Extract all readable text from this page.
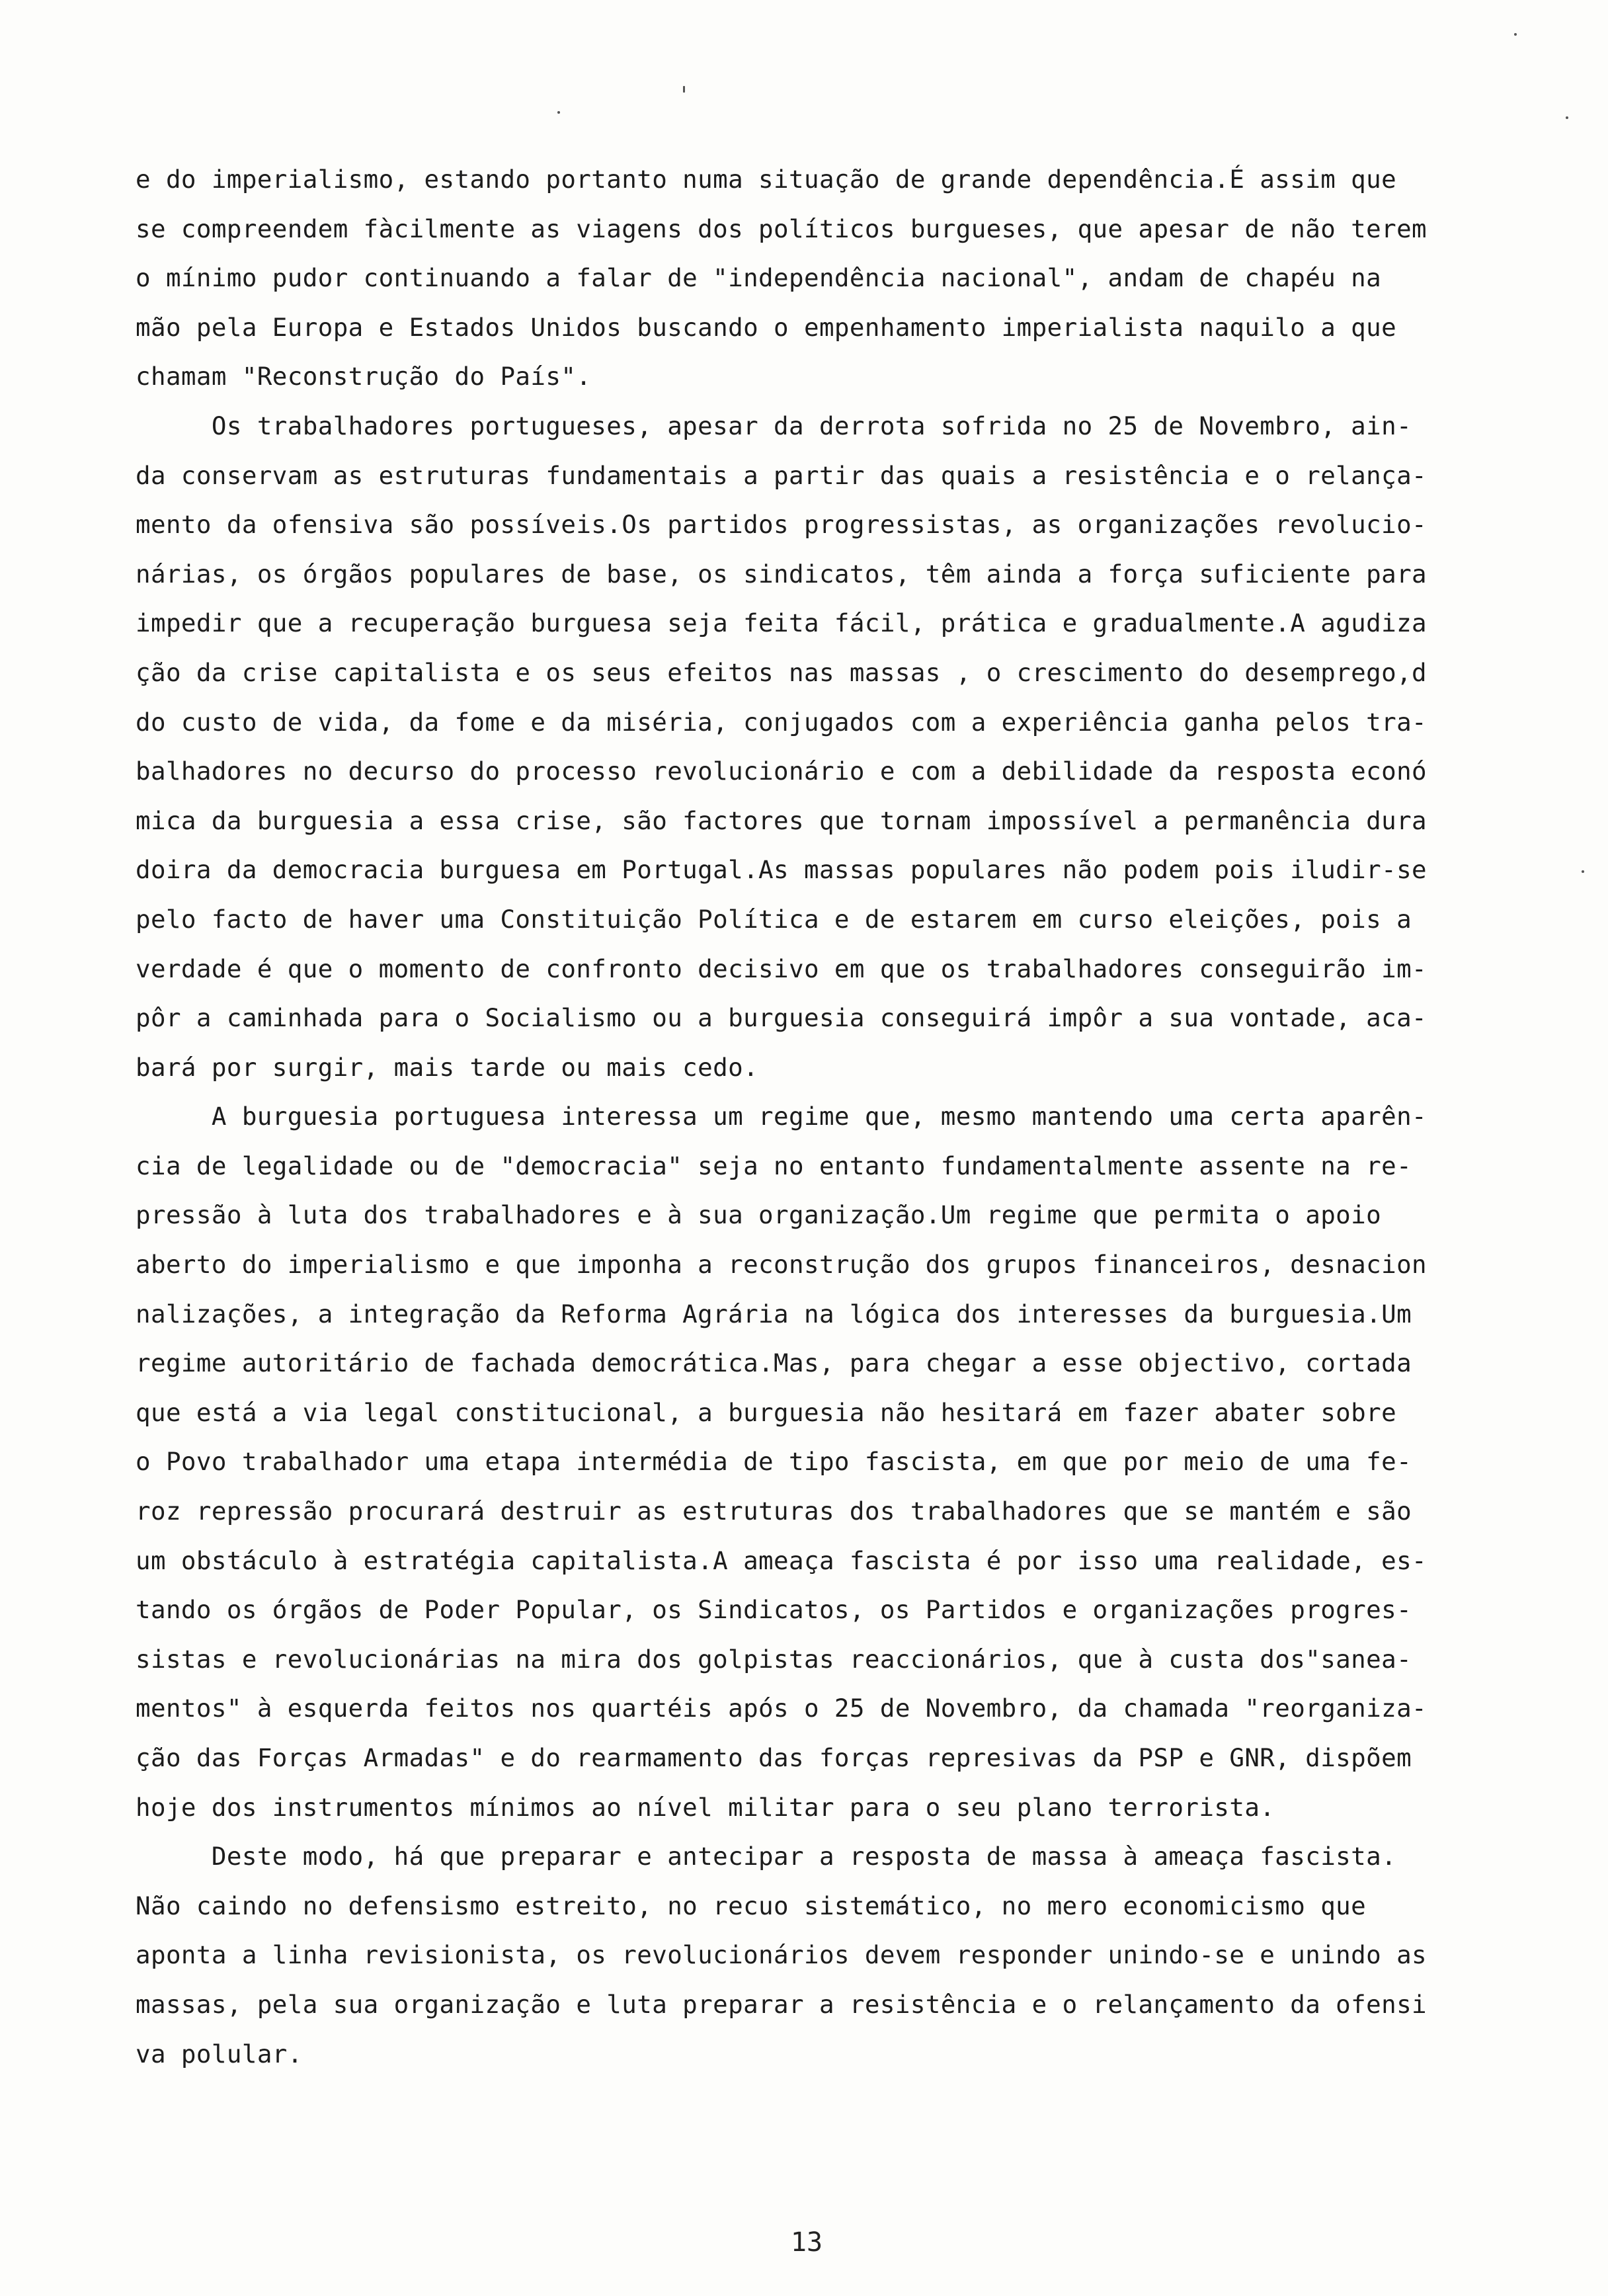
e do imperialismo, estando portanto numa situação de grande dependência.É assim que

se compreendem fàcilmente as viagens dos políticos burgueses, que apesar de não terem

o mínimo pudor continuando a falar de "independência nacional", andam de chapéu na

mão pela Europa e Estados Unidos buscando o empenhamento imperialista naquilo a que

chamam "Reconstrução do País".

Os trabalhadores portugueses, apesar da derrota sofrida no 25 de Novembro, ain-

da conservam as estruturas fundamentais a partir das quais a resistência e o relança-

mento da ofensiva são possíveis.Os partidos progressistas, as organizações revolucio-

nárias, os órgãos populares de base, os sindicatos, têm ainda a força suficiente para

impedir que a recuperação burguesa seja feita fácil, prática e gradualmente.A agudiza

ção da crise capitalista e os seus efeitos nas massas , o crescimento do desemprego,d

do custo de vida, da fome e da miséria, conjugados com a experiência ganha pelos tra-

balhadores no decurso do processo revolucionário e com a debilidade da resposta econó

mica da burguesia a essa crise, são factores que tornam impossível a permanência dura

doira da democracia burguesa em Portugal.As massas populares não podem pois iludir-se

pelo facto de haver uma Constituição Política e de estarem em curso eleições, pois a

verdade é que o momento de confronto decisivo em que os trabalhadores conseguirão im-

pôr a caminhada para o Socialismo ou a burguesia conseguirá impôr a sua vontade, aca-

bará por surgir, mais tarde ou mais cedo.

A burguesia portuguesa interessa um regime que, mesmo mantendo uma certa aparên-

cia de legalidade ou de "democracia" seja no entanto fundamentalmente assente na re-

pressão à luta dos trabalhadores e à sua organização.Um regime que permita o apoio

aberto do imperialismo e que imponha a reconstrução dos grupos financeiros, desnacion

nalizações, a integração da Reforma Agrária na lógica dos interesses da burguesia.Um

regime autoritário de fachada democrática.Mas, para chegar a esse objectivo, cortada

que está a via legal constitucional, a burguesia não hesitará em fazer abater sobre

o Povo trabalhador uma etapa intermédia de tipo fascista, em que por meio de uma fe-

roz repressão procurará destruir as estruturas dos trabalhadores que se mantém e são

um obstáculo à estratégia capitalista.A ameaça fascista é por isso uma realidade, es-

tando os órgãos de Poder Popular, os Sindicatos, os Partidos e organizações progres-

sistas e revolucionárias na mira dos golpistas reaccionários, que à custa dos"sanea-

mentos" à esquerda feitos nos quartéis após o 25 de Novembro, da chamada "reorganiza-

ção das Forças Armadas" e do rearmamento das forças represivas da PSP e GNR, dispõem

hoje dos instrumentos mínimos ao nível militar para o seu plano terrorista.

Deste modo, há que preparar e antecipar a resposta de massa à ameaça fascista.

Não caindo no defensismo estreito, no recuo sistemático, no mero economicismo que

aponta a linha revisionista, os revolucionários devem responder unindo-se e unindo as

massas, pela sua organização e luta preparar a resistência e o relançamento da ofensi

va polular.

13
